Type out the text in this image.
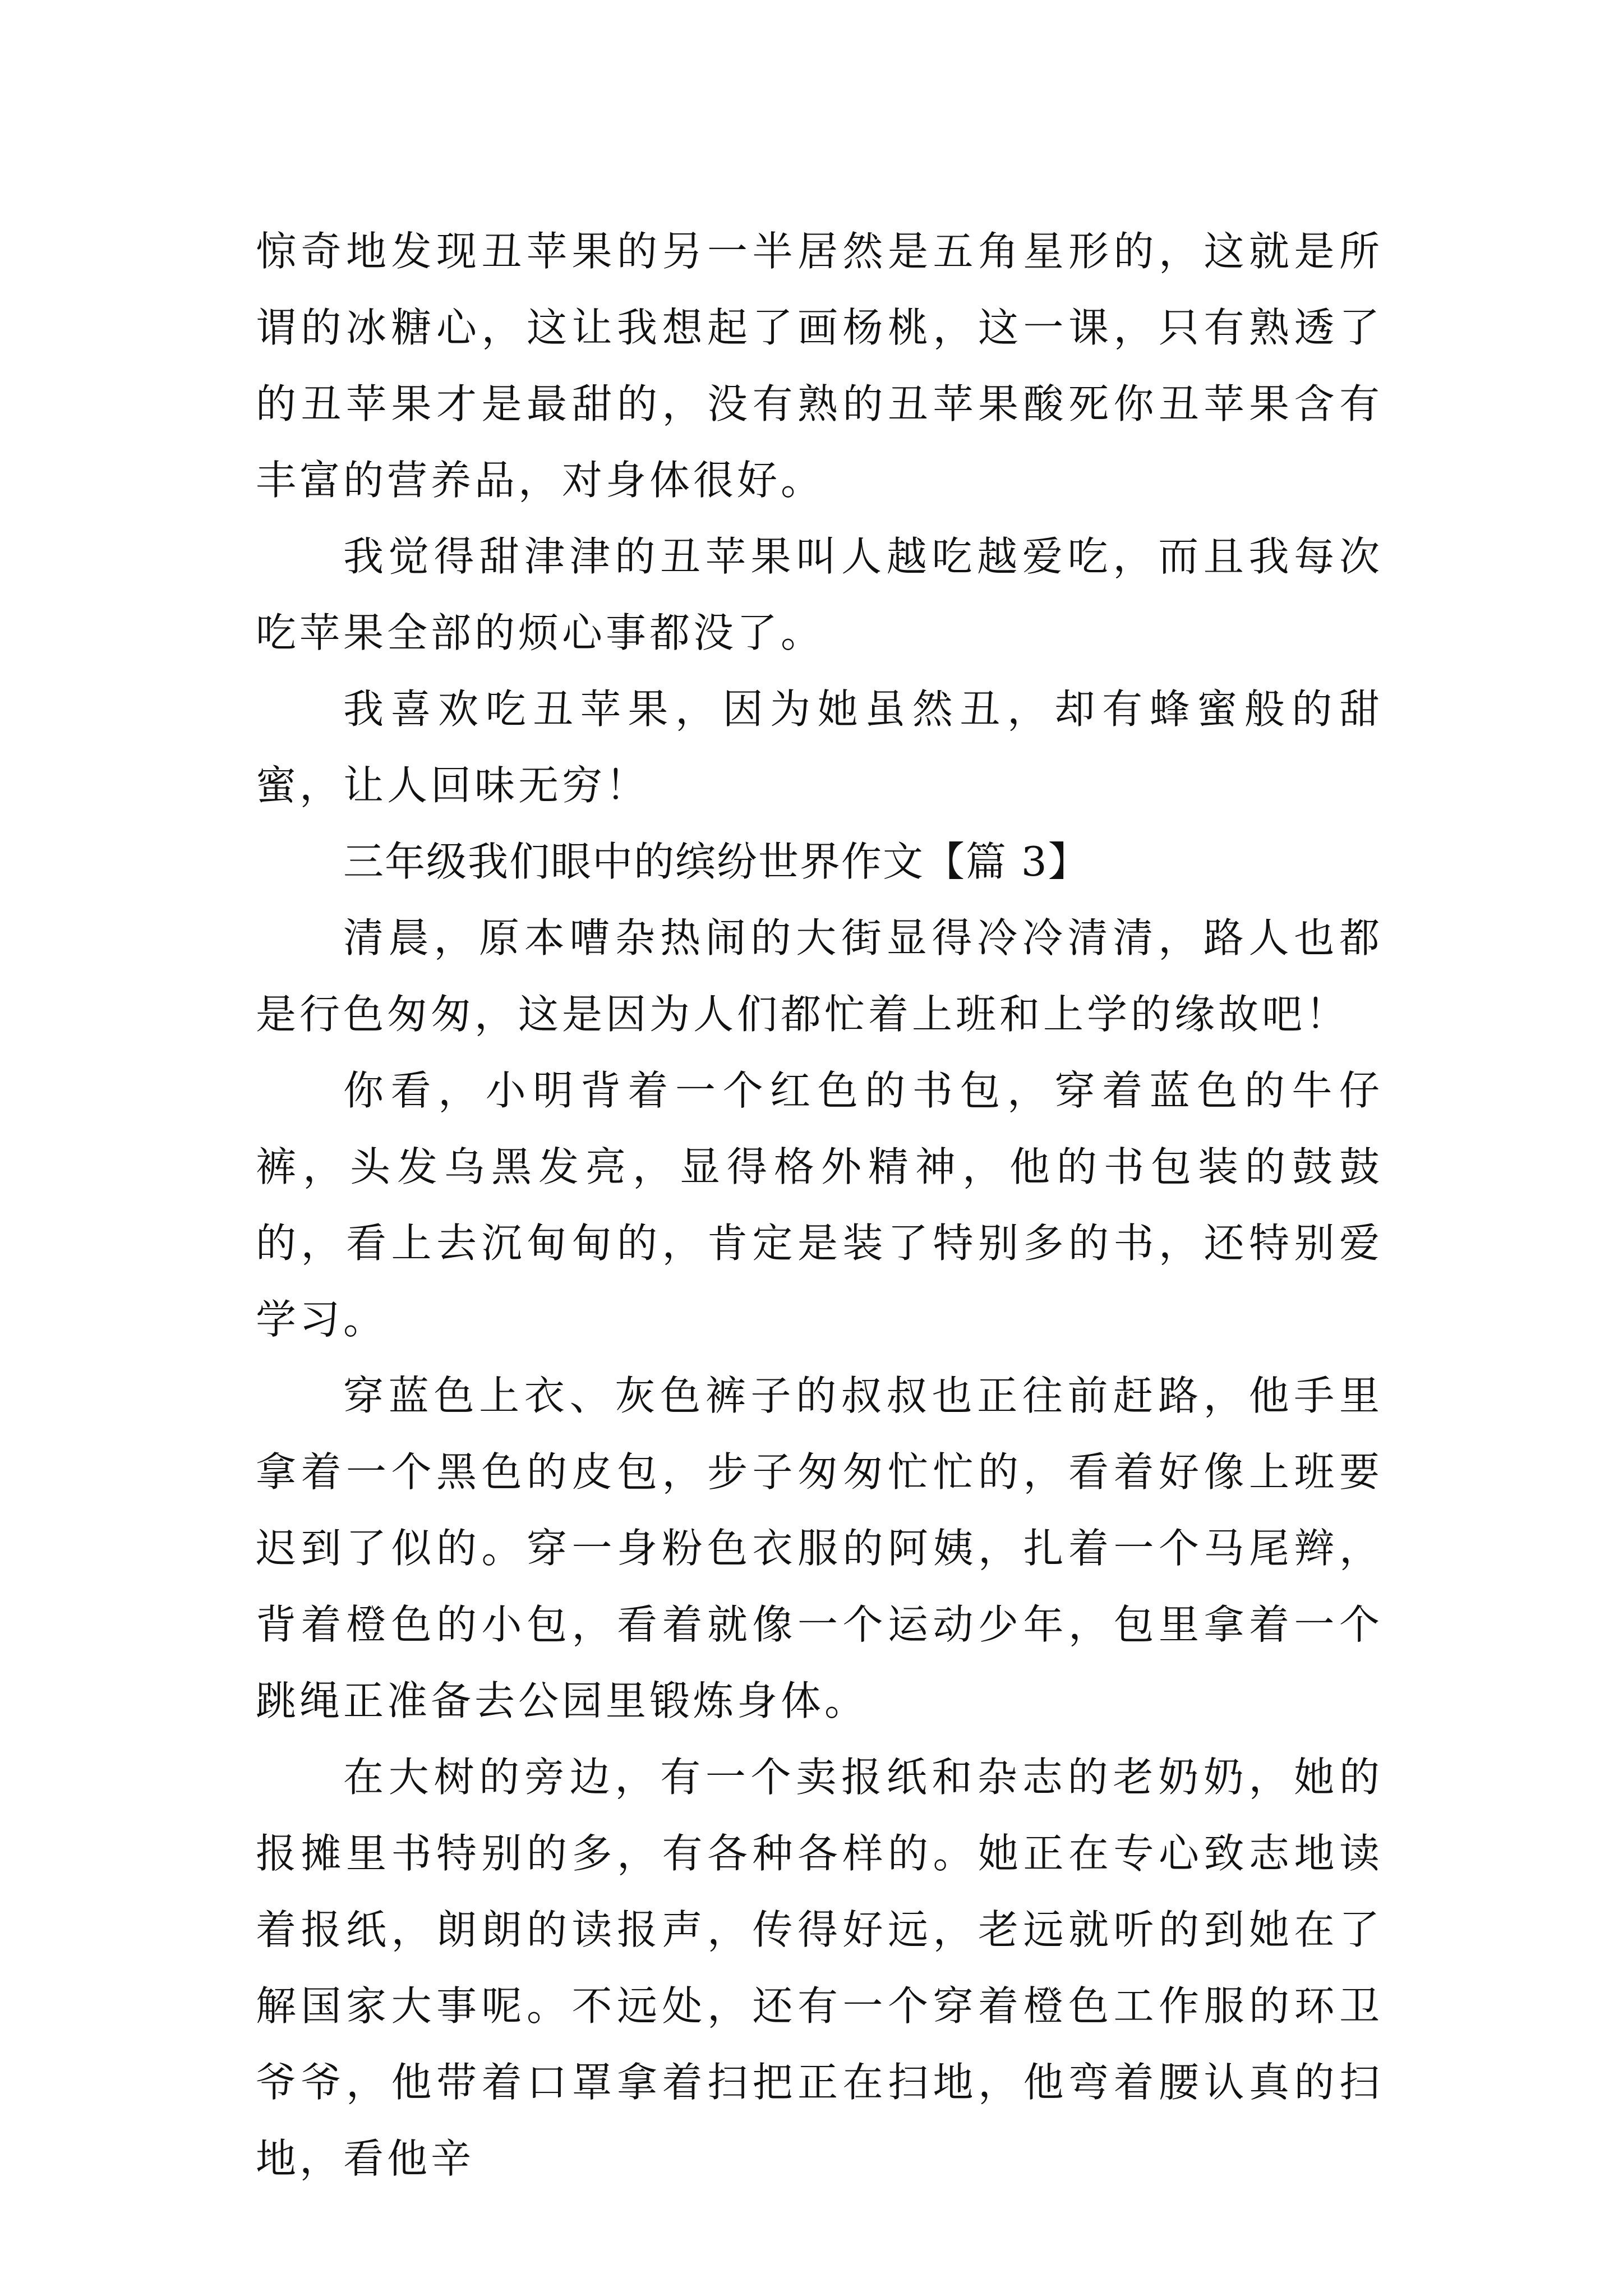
惊奇地发现丑苹果的另一半居然是五角星形的，这就是所谓的冰糖心，这让我想起了画杨桃，这一课，只有熟透了的丑苹果才是最甜的，没有熟的丑苹果酸死你丑苹果含有丰富的营养品，对身体很好。

我觉得甜津津的丑苹果叫人越吃越爱吃，而且我每次吃苹果全部的烦心事都没了。

我喜欢吃丑苹果，因为她虽然丑，却有蜂蜜般的甜蜜，让人回味无穷！

三年级我们眼中的缤纷世界作文【篇 3】

清晨，原本嘈杂热闹的大街显得冷冷清清，路人也都是行色匆匆，这是因为人们都忙着上班和上学的缘故吧！

你看，小明背着一个红色的书包，穿着蓝色的牛仔裤，头发乌黑发亮，显得格外精神，他的书包装的鼓鼓的，看上去沉甸甸的，肯定是装了特别多的书，还特别爱学习。

穿蓝色上衣、灰色裤子的叔叔也正往前赶路，他手里拿着一个黑色的皮包，步子匆匆忙忙的，看着好像上班要迟到了似的。穿一身粉色衣服的阿姨，扎着一个马尾辫，背着橙色的小包，看着就像一个运动少年，包里拿着一个跳绳正准备去公园里锻炼身体。

在大树的旁边，有一个卖报纸和杂志的老奶奶，她的报摊里书特别的多，有各种各样的。她正在专心致志地读着报纸，朗朗的读报声，传得好远，老远就听的到她在了解国家大事呢。不远处，还有一个穿着橙色工作服的环卫爷爷，他带着口罩拿着扫把正在扫地，他弯着腰认真的扫地，看他辛
